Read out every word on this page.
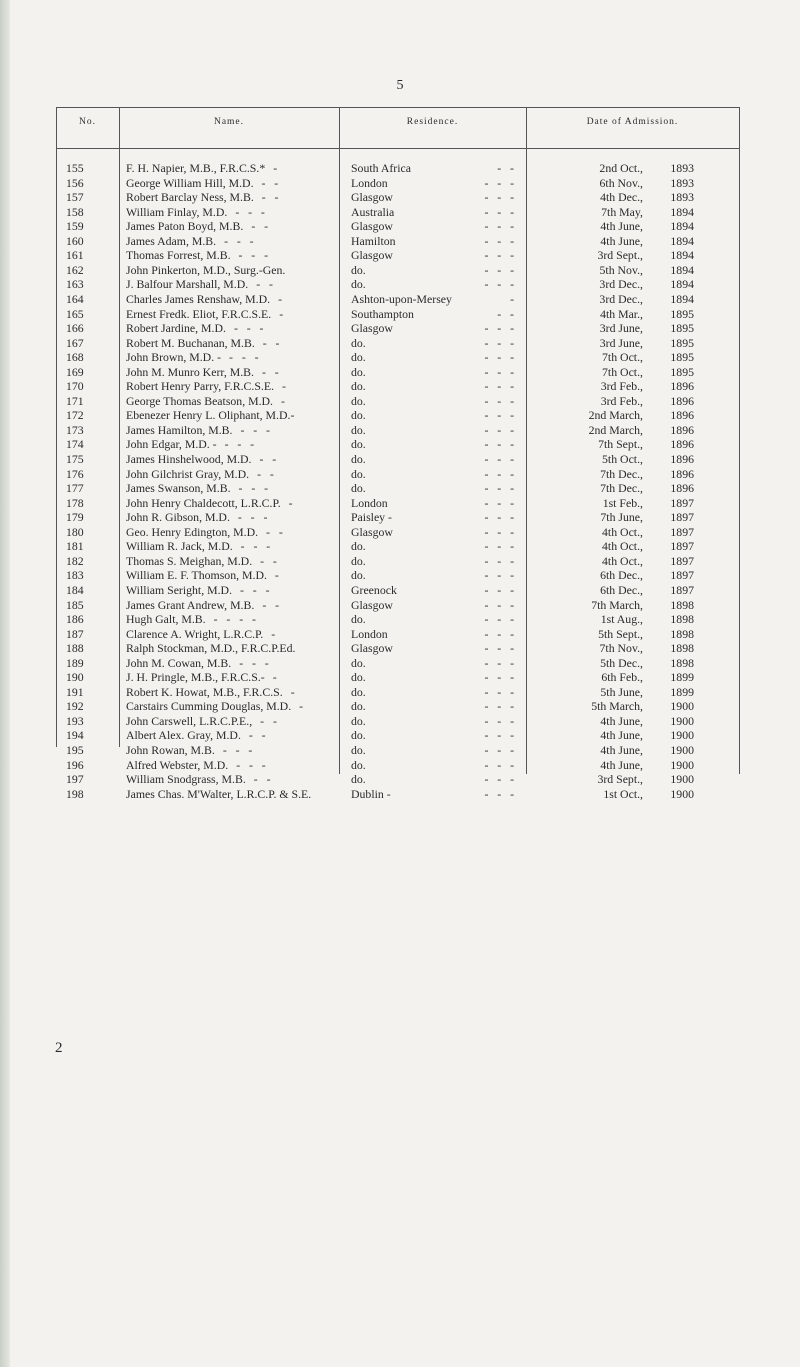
5
No.	Name.	Residence.	Date of Admission.
155	F. H. Napier, M.B., F.R.C.S.* -	South Africa	-   -	2nd Oct.,	1893
156	George William Hill, M.D. -   -	London	-   -   -	6th Nov.,	1893
157	Robert Barclay Ness, M.B. -   -	Glasgow	-   -   -	4th Dec.,	1893
158	William Finlay, M.D. -   -   -	Australia	-   -   -	7th May,	1894
159	James Paton Boyd, M.B. -   -	Glasgow	-   -   -	4th June,	1894
160	James Adam, M.B. -   -   -	Hamilton	-   -   -	4th June,	1894
161	Thomas Forrest, M.B. -   -   -	Glasgow	-   -   -	3rd Sept.,	1894
162	John Pinkerton, M.D., Surg.-Gen.	do.	-   -   -	5th Nov.,	1894
163	J. Balfour Marshall, M.D. -   -	do.	-   -   -	3rd Dec.,	1894
164	Charles James Renshaw, M.D. -	Ashton-upon-Mersey	-	3rd Dec.,	1894
165	Ernest Fredk. Eliot, F.R.C.S.E. -	Southampton	-   -	4th Mar.,	1895
166	Robert Jardine, M.D. -   -   -	Glasgow	-   -   -	3rd June,	1895
167	Robert M. Buchanan, M.B. -   -	do.	-   -   -	3rd June,	1895
168	John Brown, M.D. - -   -   -	do.	-   -   -	7th Oct.,	1895
169	John M. Munro Kerr, M.B. -   -	do.	-   -   -	7th Oct.,	1895
170	Robert Henry Parry, F.R.C.S.E. -	do.	-   -   -	3rd Feb.,	1896
171	George Thomas Beatson, M.D. -	do.	-   -   -	3rd Feb.,	1896
172	Ebenezer Henry L. Oliphant, M.D.-	do.	-   -   -	2nd March,	1896
173	James Hamilton, M.B. -   -   -	do.	-   -   -	2nd March,	1896
174	John Edgar, M.D. - -   -   -	do.	-   -   -	7th Sept.,	1896
175	James Hinshelwood, M.D. -   -	do.	-   -   -	5th Oct.,	1896
176	John Gilchrist Gray, M.D. -   -	do.	-   -   -	7th Dec.,	1896
177	James Swanson, M.B. -   -   -	do.	-   -   -	7th Dec.,	1896
178	John Henry Chaldecott, L.R.C.P. -	London	-   -   -	1st Feb.,	1897
179	John R. Gibson, M.D. -   -   -	Paisley -	-   -   -	7th June,	1897
180	Geo. Henry Edington, M.D. -   -	Glasgow	-   -   -	4th Oct.,	1897
181	William R. Jack, M.D. -   -   -	do.	-   -   -	4th Oct.,	1897
182	Thomas S. Meighan, M.D. -   -	do.	-   -   -	4th Oct.,	1897
183	William E. F. Thomson, M.D. -	do.	-   -   -	6th Dec.,	1897
184	William Seright, M.D. -   -   -	Greenock	-   -   -	6th Dec.,	1897
185	James Grant Andrew, M.B. -   -	Glasgow	-   -   -	7th March,	1898
186	Hugh Galt, M.B. -   -   -   -	do.	-   -   -	1st Aug.,	1898
187	Clarence A. Wright, L.R.C.P. -	London	-   -   -	5th Sept.,	1898
188	Ralph Stockman, M.D., F.R.C.P.Ed.	Glasgow	-   -   -	7th Nov.,	1898
189	John M. Cowan, M.B. -   -   -	do.	-   -   -	5th Dec.,	1898
190	J. H. Pringle, M.B., F.R.C.S.- -	do.	-   -   -	6th Feb.,	1899
191	Robert K. Howat, M.B., F.R.C.S. -	do.	-   -   -	5th June,	1899
192	Carstairs Cumming Douglas, M.D. -	do.	-   -   -	5th March,	1900
193	John Carswell, L.R.C.P.E., -   -	do.	-   -   -	4th June,	1900
194	Albert Alex. Gray, M.D. -   -	do.	-   -   -	4th June,	1900
195	John Rowan, M.B. -   -   -	do.	-   -   -	4th June,	1900
196	Alfred Webster, M.D. -   -   -	do.	-   -   -	4th June,	1900
197	William Snodgrass, M.B. -   -	do.	-   -   -	3rd Sept.,	1900
198	James Chas. M'Walter, L.R.C.P. & S.E.	Dublin -	-   -   -	1st Oct.,	1900
2
